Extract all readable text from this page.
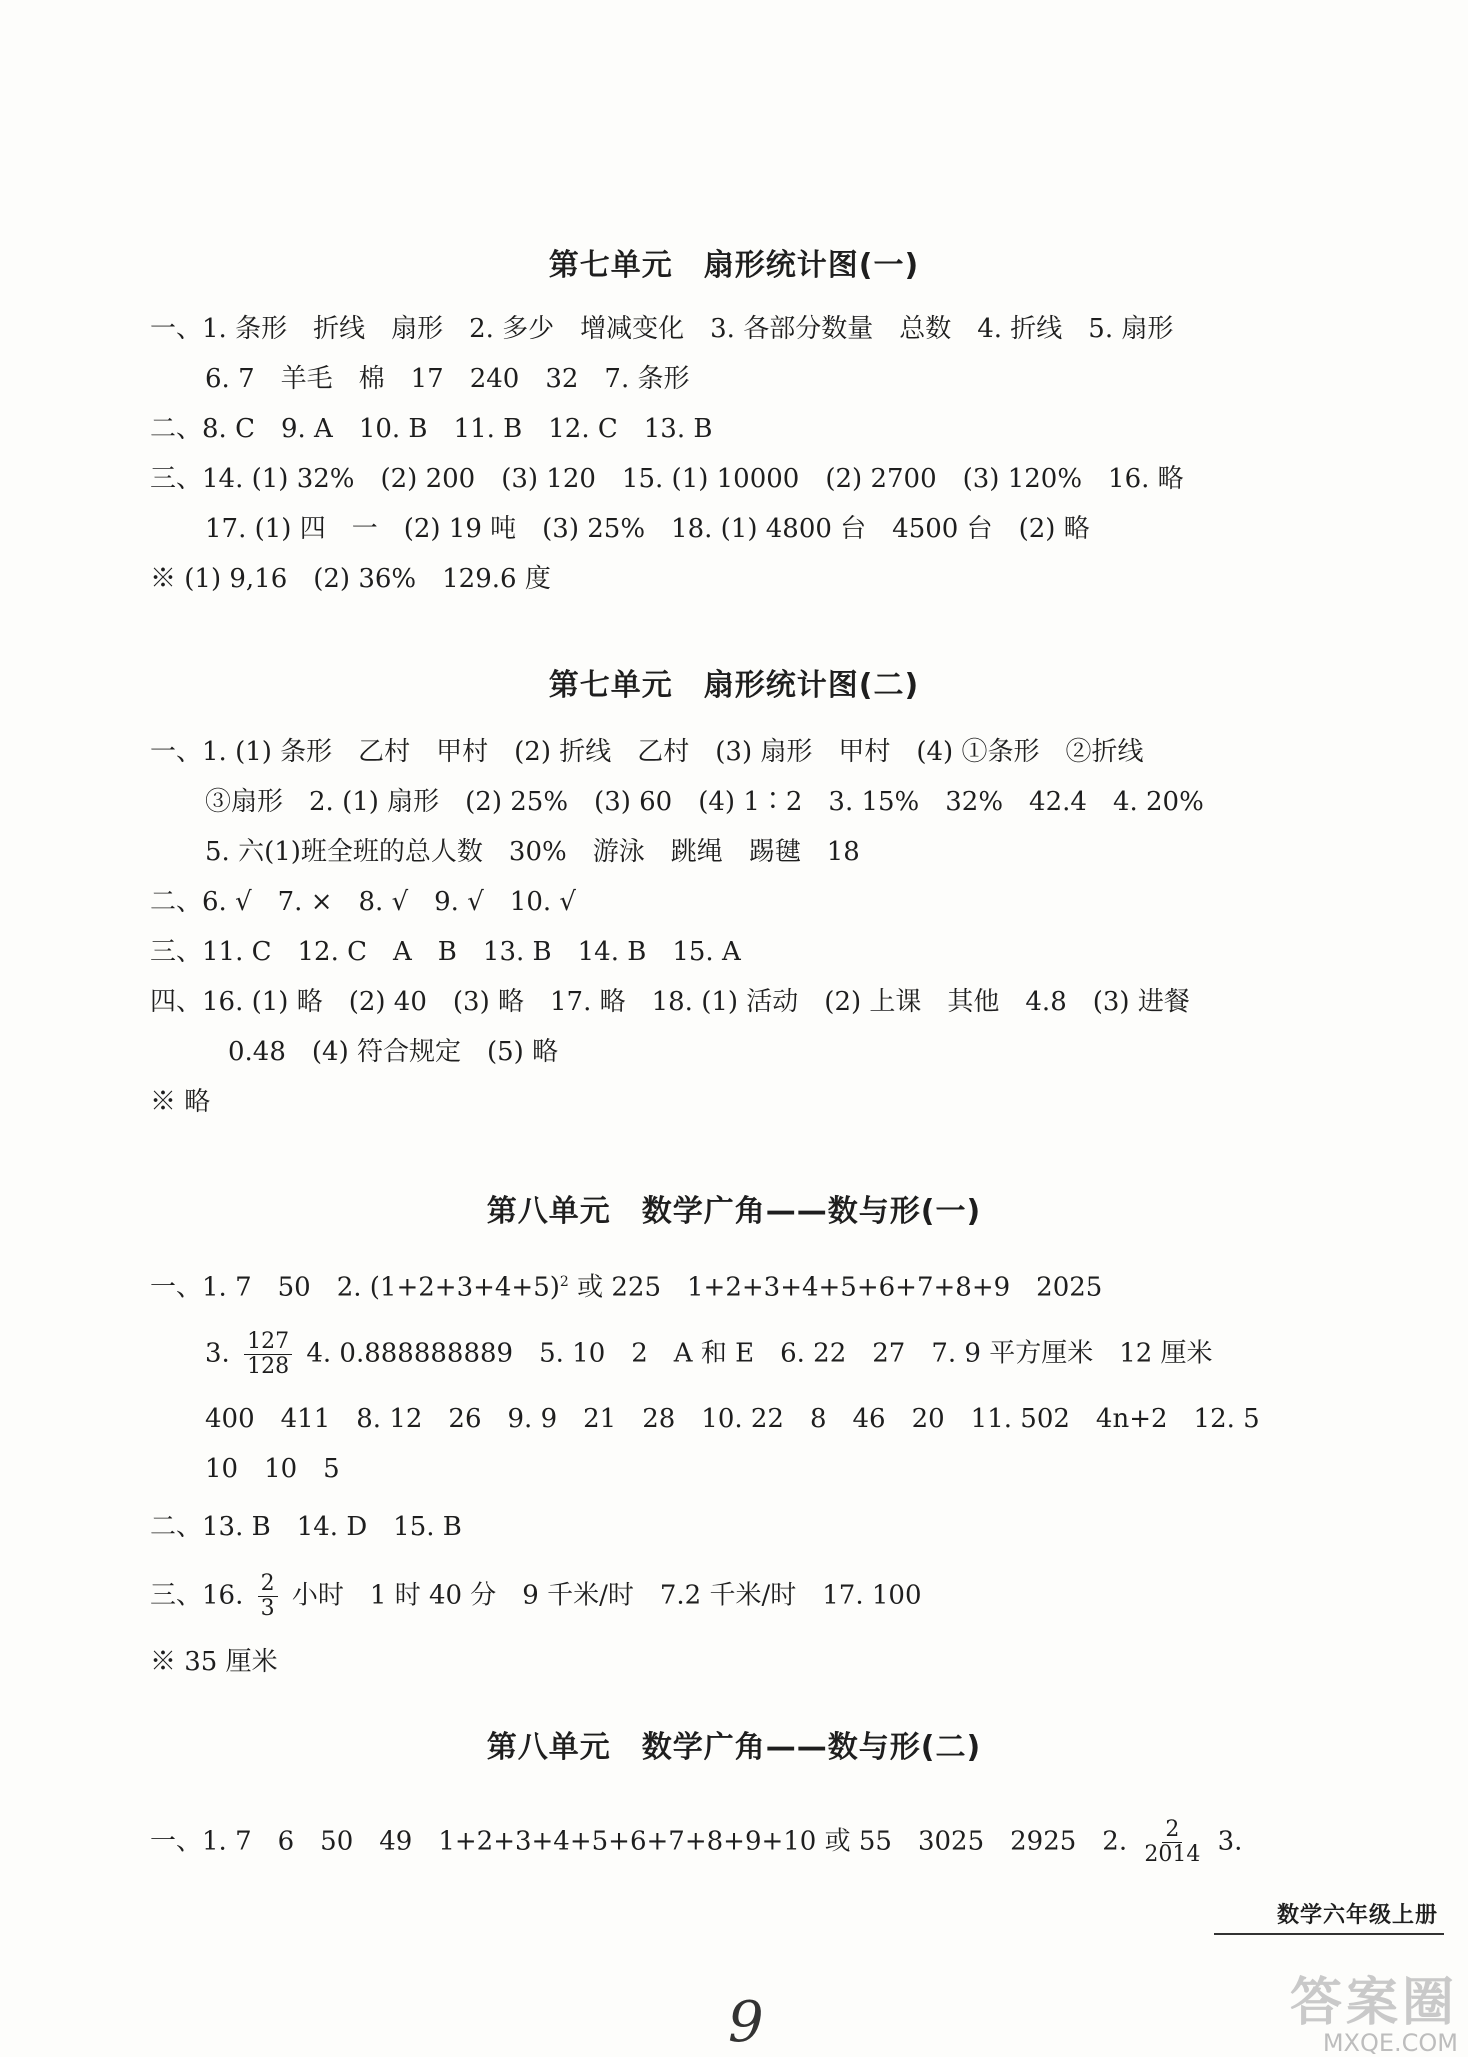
第七单元　扇形统计图(一)
一、1. 条形　折线　扇形　2. 多少　增减变化　3. 各部分数量　总数　4. 折线　5. 扇形
6. 7　羊毛　棉　17　240　32　7. 条形
二、8. C　9. A　10. B　11. B　12. C　13. B
三、14. (1) 32%　(2) 200　(3) 120　15. (1) 10000　(2) 2700　(3) 120%　16. 略
17. (1) 四　一　(2) 19 吨　(3) 25%　18. (1) 4800 台　4500 台　(2) 略
※ (1) 9,16　(2) 36%　129.6 度
第七单元　扇形统计图(二)
一、1. (1) 条形　乙村　甲村　(2) 折线　乙村　(3) 扇形　甲村　(4) ①条形　②折线
③扇形　2. (1) 扇形　(2) 25%　(3) 60　(4) 1∶2　3. 15%　32%　42.4　4. 20%
5. 六(1)班全班的总人数　30%　游泳　跳绳　踢毽　18
二、6. √　7. ×　8. √　9. √　10. √
三、11. C　12. C　A　B　13. B　14. B　15. A
四、16. (1) 略　(2) 40　(3) 略　17. 略　18. (1) 活动　(2) 上课　其他　4.8　(3) 进餐
0.48　(4) 符合规定　(5) 略
※ 略
第八单元　数学广角——数与形(一)
一、1. 7　50　2. $(1+2+3+4+5)^2$ 或 225　1+2+3+4+5+6+7+8+9　2025
3. $\frac{127}{128} 4$. 0.888888889　5. 10　2　A 和 E　6. 22　27　7. 9 平方厘米　12 厘米
400　411　8. 12　26　9. 9　21　28　10. 22　8　46　20　11. 502　4n+2　12. 5
10　10　5
二、13. B　14. D　15. B
三、16. $\frac{2}{3}$ 小时　1 时 40 分　9 千米/时　7.2 千米/时　17. 100
※ 35 厘米
第八单元　数学广角——数与形(二)
一、1. 7　6　50　49　1+2+3+4+5+6+7+8+9+10 或 55　3025　2925　2. $\frac{2}{2014} 3$.
数学六年级上册
9	答案圈
MXQE.COM
